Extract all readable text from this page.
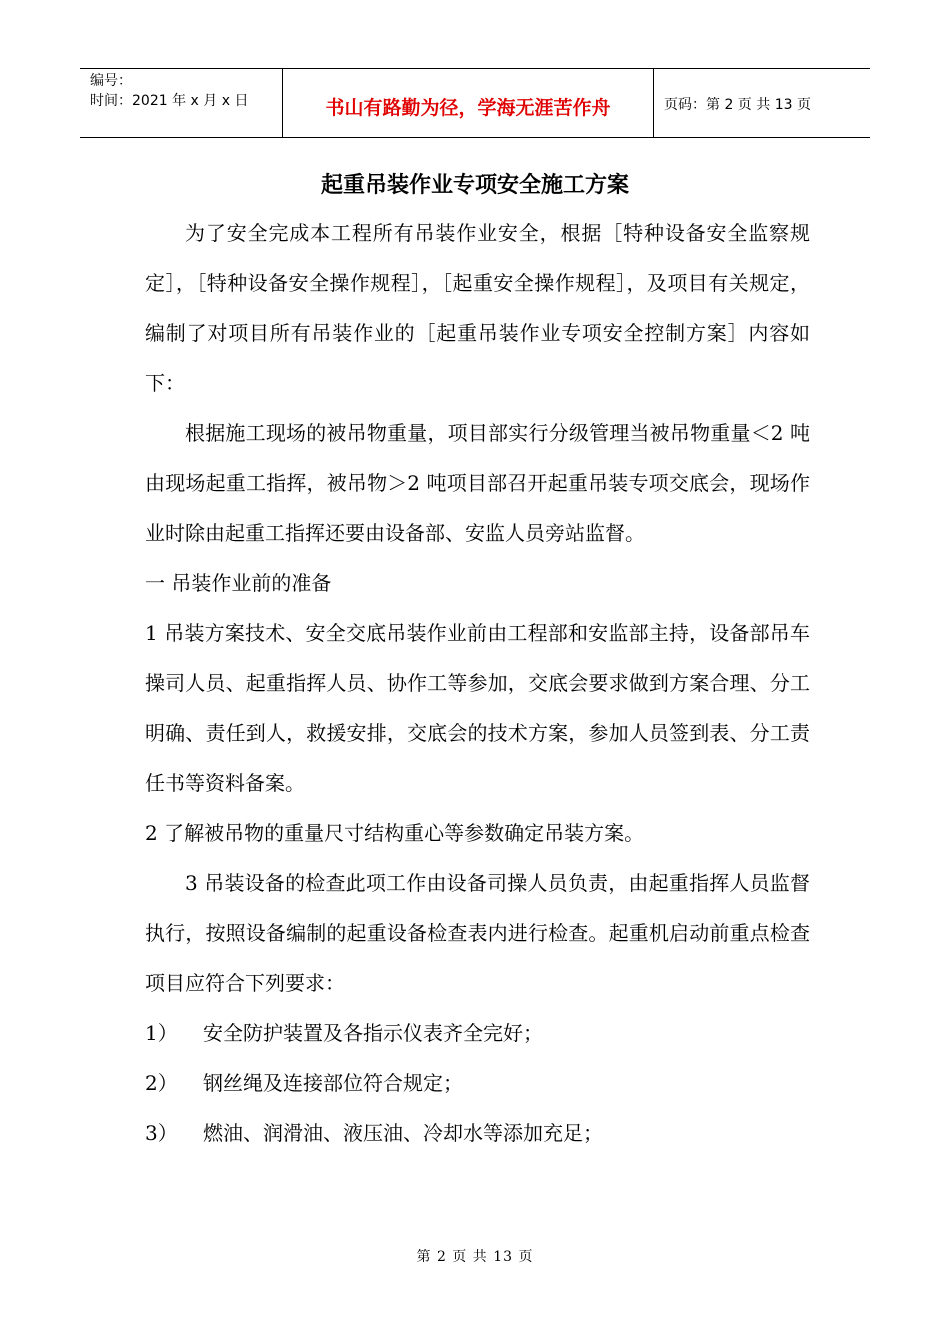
编号：
时间：2021 年 x 月 x 日	书山有路勤为径，学海无涯苦作舟	页码：第 2 页 共 13 页
起重吊装作业专项安全施工方案

为了安全完成本工程所有吊装作业安全，根据［特种设备安全监察规定］，［特种设备安全操作规程］，［起重安全操作规程］，及项目有关规定，编制了对项目所有吊装作业的［起重吊装作业专项安全控制方案］内容如下：

根据施工现场的被吊物重量，项目部实行分级管理当被吊物重量＜2 吨由现场起重工指挥，被吊物＞2 吨项目部召开起重吊装专项交底会，现场作业时除由起重工指挥还要由设备部、安监人员旁站监督。

一 吊装作业前的准备

1 吊装方案技术、安全交底吊装作业前由工程部和安监部主持，设备部吊车操司人员、起重指挥人员、协作工等参加，交底会要求做到方案合理、分工明确、责任到人，救援安排，交底会的技术方案，参加人员签到表、分工责任书等资料备案。

2 了解被吊物的重量尺寸结构重心等参数确定吊装方案。

3 吊装设备的检查此项工作由设备司操人员负责，由起重指挥人员监督执行，按照设备编制的起重设备检查表内进行检查。起重机启动前重点检查项目应符合下列要求：

1）	安全防护装置及各指示仪表齐全完好；
2）	钢丝绳及连接部位符合规定；
3）	燃油、润滑油、液压油、冷却水等添加充足；
第 2 页 共 13 页
